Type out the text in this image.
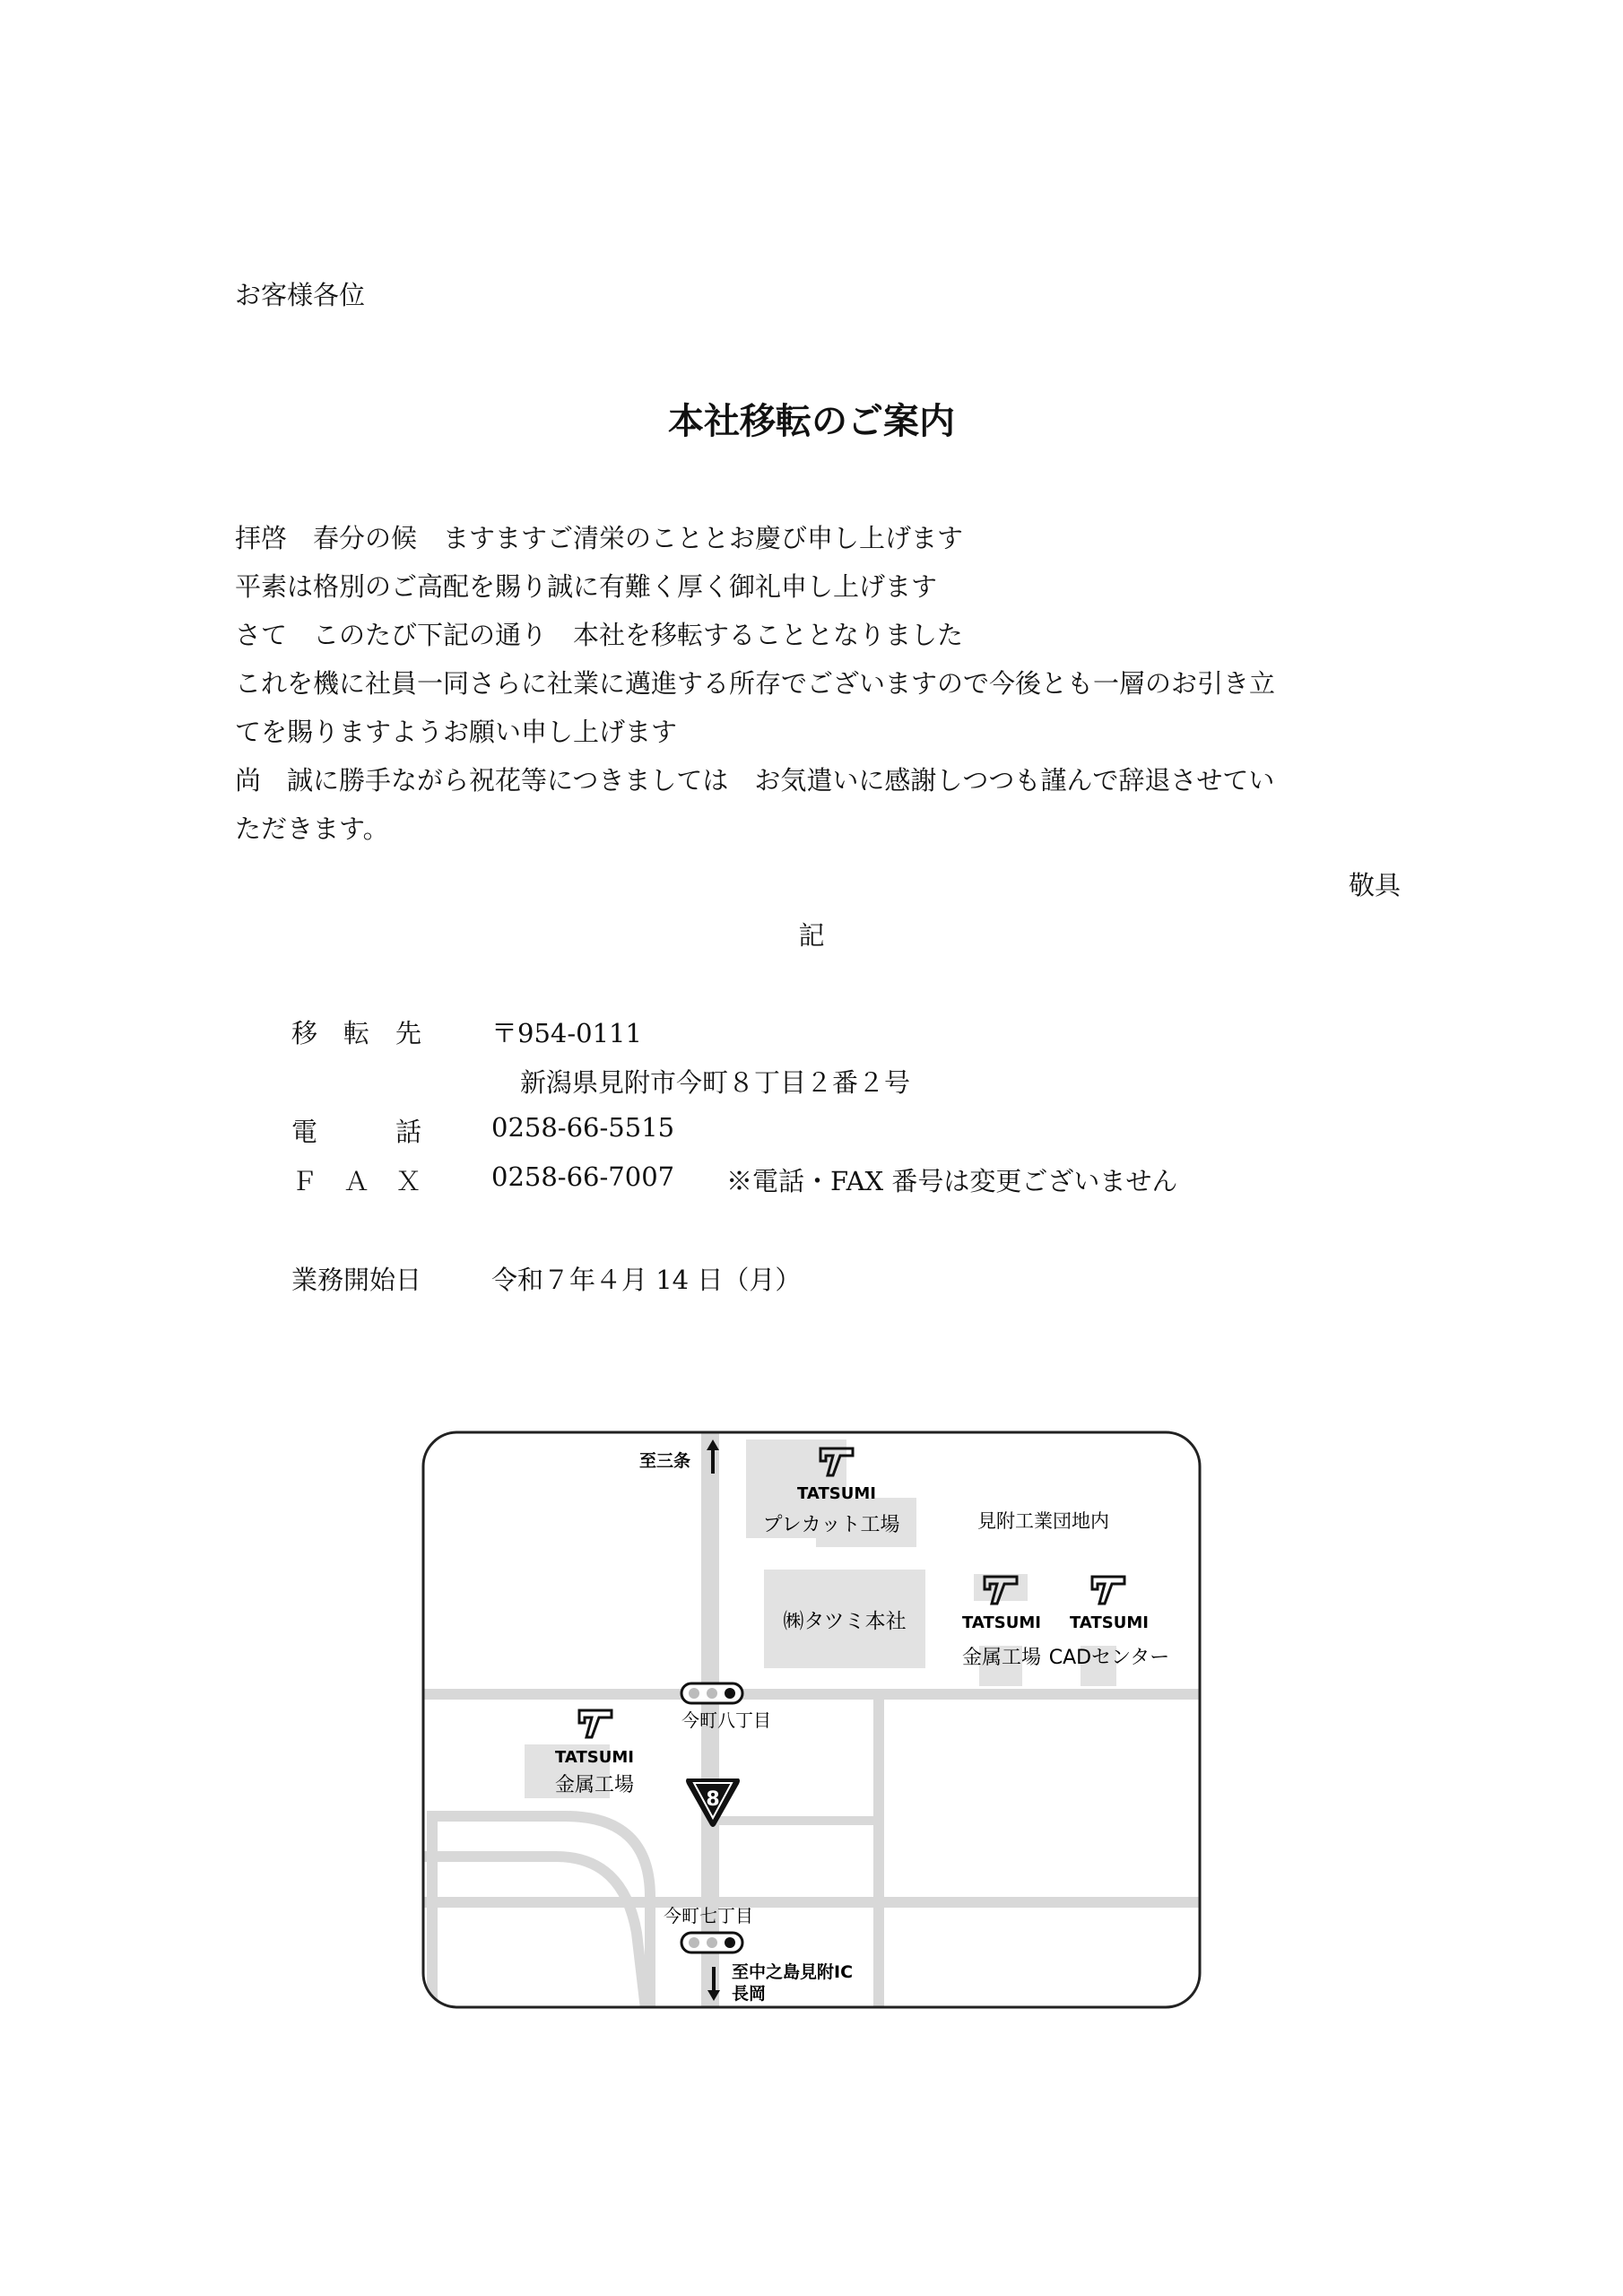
お客様各位
本社移転のご案内
拝啓　春分の候　ますますご清栄のこととお慶び申し上げます
平素は格別のご高配を賜り誠に有難く厚く御礼申し上げます
さて　このたび下記の通り　本社を移転することとなりました
これを機に社員一同さらに社業に邁進する所存でございますので今後とも一層のお引き立
てを賜りますようお願い申し上げます
尚　誠に勝手ながら祝花等につきましては　お気遣いに感謝しつつも謹んで辞退させてい
ただきます。
敬具
記
移　転　先	〒954-0111
新潟県見附市今町８丁目２番２号
電　　　話	0258-66-5515
Ｆ　Ａ　Ｘ	0258-66-7007 ※電話・FAX 番号は変更ございません
業務開始日	令和７年４月 14 日（月）
至三条
至中之島見附IC
長岡
TATSUMI
プレカット工場	見附工業団地内
㈱タツミ本社	TATSUMI
金属工場
TATSUMI
CADセンター
TATSUMI
金属工場
今町八丁目
8
今町七丁目
